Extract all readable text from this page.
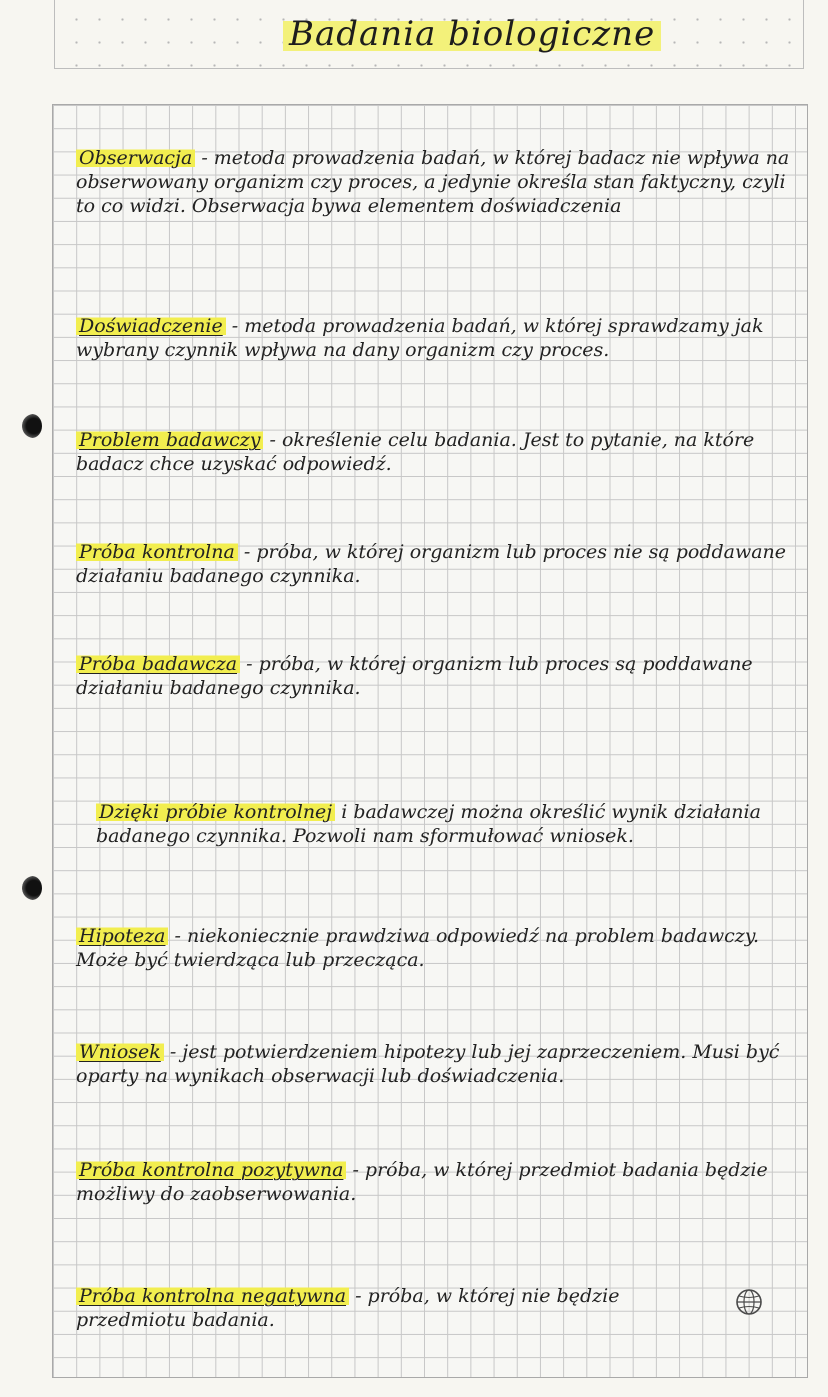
Badania biologiczne
Obserwacja - metoda prowadzenia badań, w której badacz nie wpływa na obserwowany organizm czy proces, a jedynie określa stan faktyczny, czyli to co widzi. Obserwacja bywa elementem doświadczenia
Doświadczenie - metoda prowadzenia badań, w której sprawdzamy jak wybrany czynnik wpływa na dany organizm czy proces.
Problem badawczy - określenie celu badania. Jest to pytanie, na które badacz chce uzyskać odpowiedź.
Próba kontrolna - próba, w której organizm lub proces nie są poddawane działaniu badanego czynnika.
Próba badawcza - próba, w której organizm lub proces są poddawane działaniu badanego czynnika.
Dzięki próbie kontrolnej i badawczej można określić wynik działania badanego czynnika. Pozwoli nam sformułować wniosek.
Hipoteza - niekoniecznie prawdziwa odpowiedź na problem badawczy. Może być twierdząca lub przecząca.
Wniosek - jest potwierdzeniem hipotezy lub jej zaprzeczeniem. Musi być oparty na wynikach obserwacji lub doświadczenia.
Próba kontrolna pozytywna - próba, w której przedmiot badania będzie możliwy do zaobserwowania.
Próba kontrolna negatywna - próba, w której nie będzie przedmiotu badania.
